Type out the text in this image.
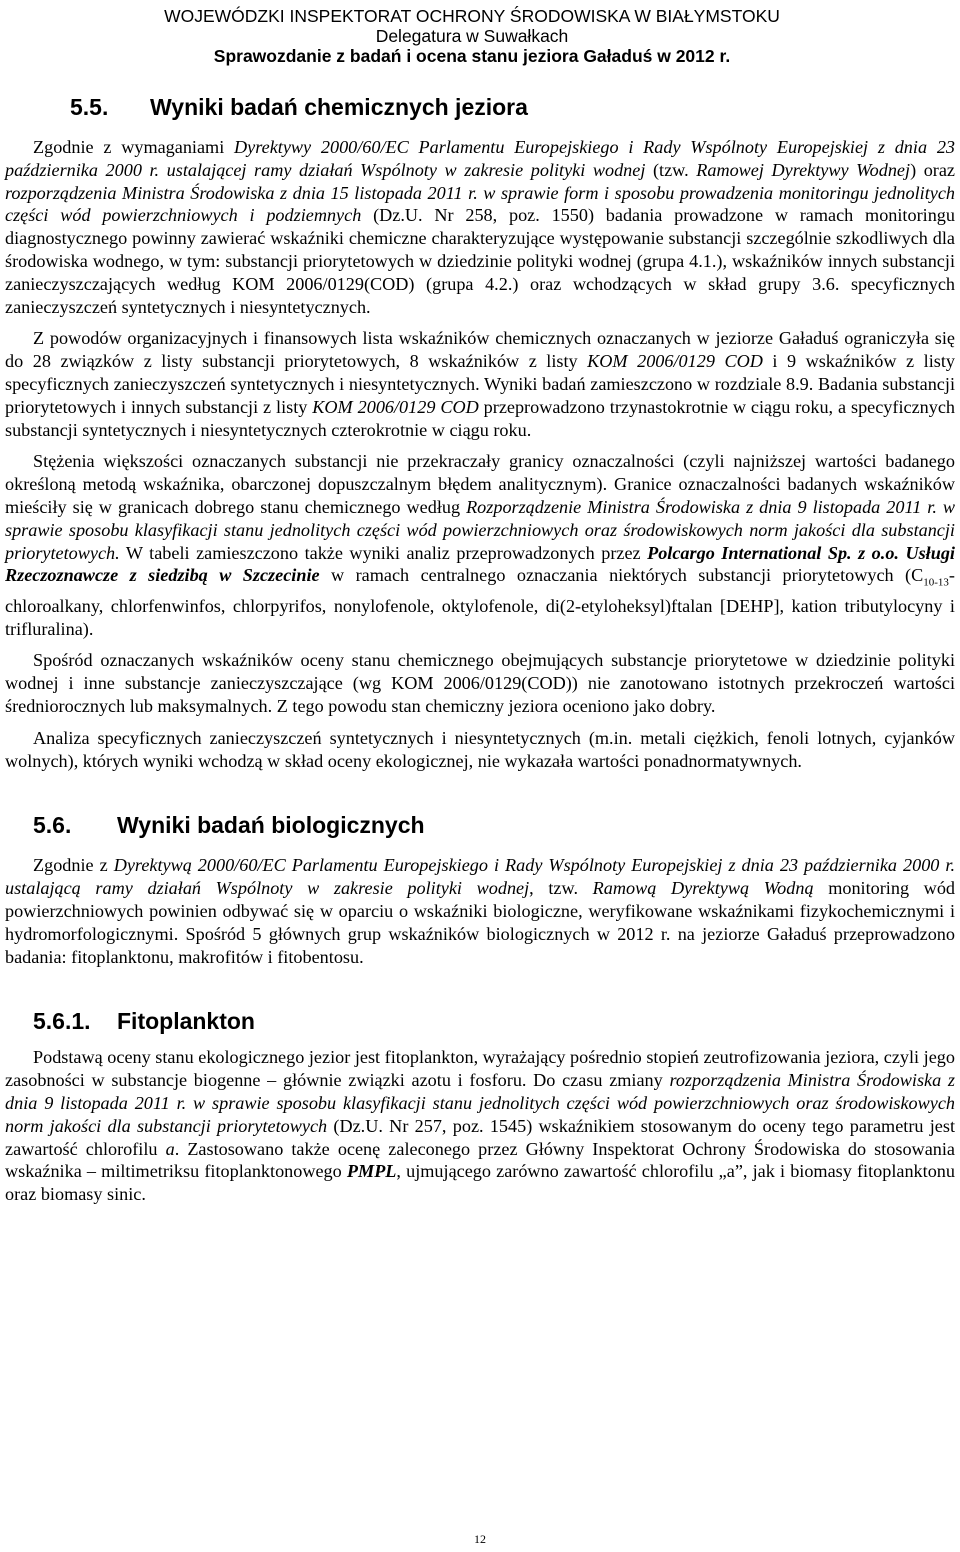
WOJEWÓDZKI INSPEKTORAT OCHRONY ŚRODOWISKA W BIAŁYMSTOKU
Delegatura w Suwałkach
Sprawozdanie z badań i ocena stanu jeziora Gaładuś w 2012 r.
5.5. Wyniki badań chemicznych jeziora

Zgodnie z wymaganiami Dyrektywy 2000/60/EC Parlamentu Europejskiego i Rady Wspólnoty Europejskiej z dnia 23 października 2000 r. ustalającej ramy działań Wspólnoty w zakresie polityki wodnej (tzw. Ramowej Dyrektywy Wodnej) oraz rozporządzenia Ministra Środowiska z dnia 15 listopada 2011 r. w sprawie form i sposobu prowadzenia monitoringu jednolitych części wód powierzchniowych i podziemnych (Dz.U. Nr 258, poz. 1550) badania prowadzone w ramach monitoringu diagnostycznego powinny zawierać wskaźniki chemiczne charakteryzujące występowanie substancji szczególnie szkodliwych dla środowiska wodnego, w tym: substancji priorytetowych w dziedzinie polityki wodnej (grupa 4.1.), wskaźników innych substancji zanieczyszczających według KOM 2006/0129(COD) (grupa 4.2.) oraz wchodzących w skład grupy 3.6. specyficznych zanieczyszczeń syntetycznych i niesyntetycznych.

Z powodów organizacyjnych i finansowych lista wskaźników chemicznych oznaczanych w jeziorze Gaładuś ograniczyła się do 28 związków z listy substancji priorytetowych, 8 wskaźników z listy KOM 2006/0129 COD i 9 wskaźników z listy specyficznych zanieczyszczeń syntetycznych i niesyntetycznych. Wyniki badań zamieszczono w rozdziale 8.9. Badania substancji priorytetowych i innych substancji z listy KOM 2006/0129 COD przeprowadzono trzynastokrotnie w ciągu roku, a specyficznych substancji syntetycznych i niesyntetycznych czterokrotnie w ciągu roku.

Stężenia większości oznaczanych substancji nie przekraczały granicy oznaczalności (czyli najniższej wartości badanego określoną metodą wskaźnika, obarczonej dopuszczalnym błędem analitycznym). Granice oznaczalności badanych wskaźników mieściły się w granicach dobrego stanu chemicznego według Rozporządzenie Ministra Środowiska z dnia 9 listopada 2011 r. w sprawie sposobu klasyfikacji stanu jednolitych części wód powierzchniowych oraz środowiskowych norm jakości dla substancji priorytetowych. W tabeli zamieszczono także wyniki analiz przeprowadzonych przez Polcargo International Sp. z o.o. Usługi Rzeczoznawcze z siedzibą w Szczecinie w ramach centralnego oznaczania niektórych substancji priorytetowych ($C_{10-13}$-chloroalkany, chlorfenwinfos, chlorpyrifos, nonylofenole, oktylofenole, di(2-etyloheksyl)ftalan [DEHP], kation tributylocyny i trifluralina).

Spośród oznaczanych wskaźników oceny stanu chemicznego obejmujących substancje priorytetowe w dziedzinie polityki wodnej i inne substancje zanieczyszczające (wg KOM 2006/0129(COD)) nie zanotowano istotnych przekroczeń wartości średniorocznych lub maksymalnych. Z tego powodu stan chemiczny jeziora oceniono jako dobry.

Analiza specyficznych zanieczyszczeń syntetycznych i niesyntetycznych (m.in. metali ciężkich, fenoli lotnych, cyjanków wolnych), których wyniki wchodzą w skład oceny ekologicznej, nie wykazała wartości ponadnormatywnych.

5.6. Wyniki badań biologicznych

Zgodnie z Dyrektywą 2000/60/EC Parlamentu Europejskiego i Rady Wspólnoty Europejskiej z dnia 23 października 2000 r. ustalającą ramy działań Wspólnoty w zakresie polityki wodnej, tzw. Ramową Dyrektywą Wodną monitoring wód powierzchniowych powinien odbywać się w oparciu o wskaźniki biologiczne, weryfikowane wskaźnikami fizykochemicznymi i hydromorfologicznymi. Spośród 5 głównych grup wskaźników biologicznych w 2012 r. na jeziorze Gaładuś przeprowadzono badania: fitoplanktonu, makrofitów i fitobentosu.

5.6.1. Fitoplankton

Podstawą oceny stanu ekologicznego jezior jest fitoplankton, wyrażający pośrednio stopień zeutrofizowania jeziora, czyli jego zasobności w substancje biogenne – głównie związki azotu i fosforu. Do czasu zmiany rozporządzenia Ministra Środowiska z dnia 9 listopada 2011 r. w sprawie sposobu klasyfikacji stanu jednolitych części wód powierzchniowych oraz środowiskowych norm jakości dla substancji priorytetowych (Dz.U. Nr 257, poz. 1545) wskaźnikiem stosowanym do oceny tego parametru jest zawartość chlorofilu a. Zastosowano także ocenę zaleconego przez Główny Inspektorat Ochrony Środowiska do stosowania wskaźnika – miltimetriksu fitoplanktonowego PMPL, ujmującego zarówno zawartość chlorofilu „a”, jak i biomasy fitoplanktonu oraz biomasy sinic.

12
